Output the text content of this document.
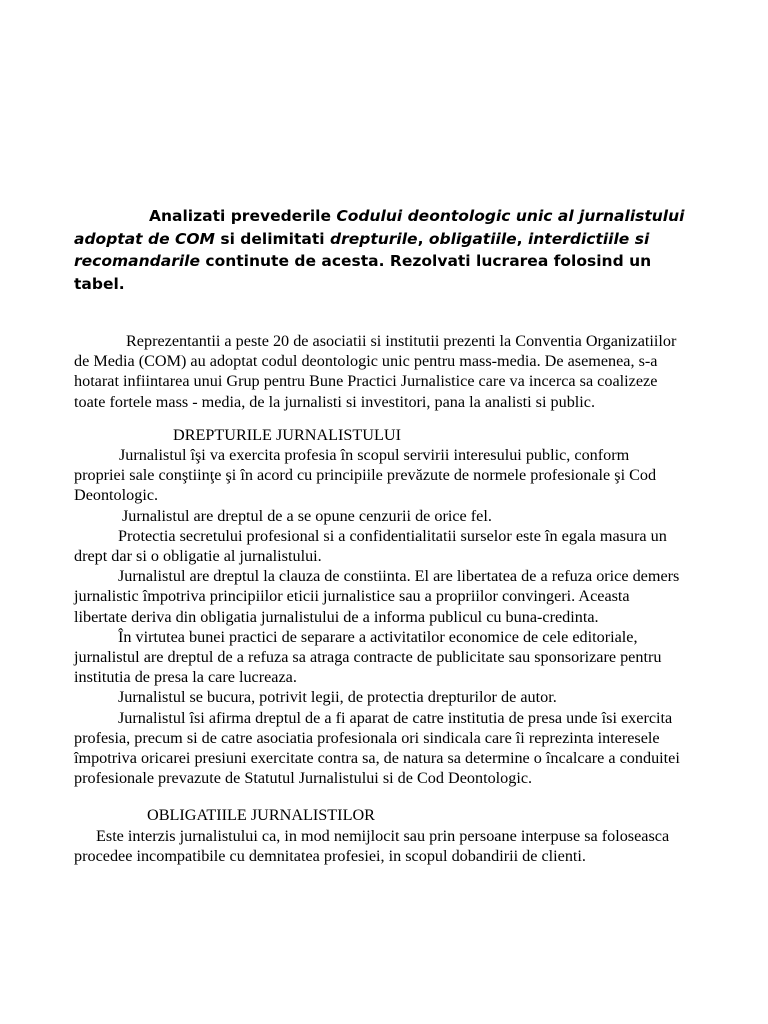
Analizati prevederile Codului deontologic unic al jurnalistului adoptat de COM si delimitati drepturile, obligatiile, interdictiile si recomandarile continute de acesta. Rezolvati lucrarea folosind un tabel.

Reprezentantii a peste 20 de asociatii si institutii prezenti la Conventia Organizatiilor de Media (COM) au adoptat codul deontologic unic pentru mass-media. De asemenea, s-a hotarat infiintarea unui Grup pentru Bune Practici Jurnalistice care va incerca sa coalizeze toate fortele mass - media, de la jurnalisti si investitori, pana la analisti si public.

DREPTURILE JURNALISTULUI

Jurnalistul îşi va exercita profesia în scopul servirii interesului public, conform propriei sale conştiinţe şi în acord cu principiile prevăzute de normele profesionale şi Cod Deontologic.

Jurnalistul are dreptul de a se opune cenzurii de orice fel.

Protectia secretului profesional si a confidentialitatii surselor este în egala masura un drept dar si o obligatie al jurnalistului.

Jurnalistul are dreptul la clauza de constiinta. El are libertatea de a refuza orice demers jurnalistic împotriva principiilor eticii jurnalistice sau a propriilor convingeri. Aceasta libertate deriva din obligatia jurnalistului de a informa publicul cu buna-credinta.

În virtutea bunei practici de separare a activitatilor economice de cele editoriale, jurnalistul are dreptul de a refuza sa atraga contracte de publicitate sau sponsorizare pentru institutia de presa la care lucreaza.

Jurnalistul se bucura, potrivit legii, de protectia drepturilor de autor.

Jurnalistul îsi afirma dreptul de a fi aparat de catre institutia de presa unde îsi exercita profesia, precum si de catre asociatia profesionala ori sindicala care îi reprezinta interesele împotriva oricarei presiuni exercitate contra sa, de natura sa determine o încalcare a conduitei profesionale prevazute de Statutul Jurnalistului si de Cod Deontologic.

OBLIGATIILE JURNALISTILOR

Este interzis jurnalistului ca, in mod nemijlocit sau prin persoane interpuse sa foloseasca procedee incompatibile cu demnitatea profesiei, in scopul dobandirii de clienti.
